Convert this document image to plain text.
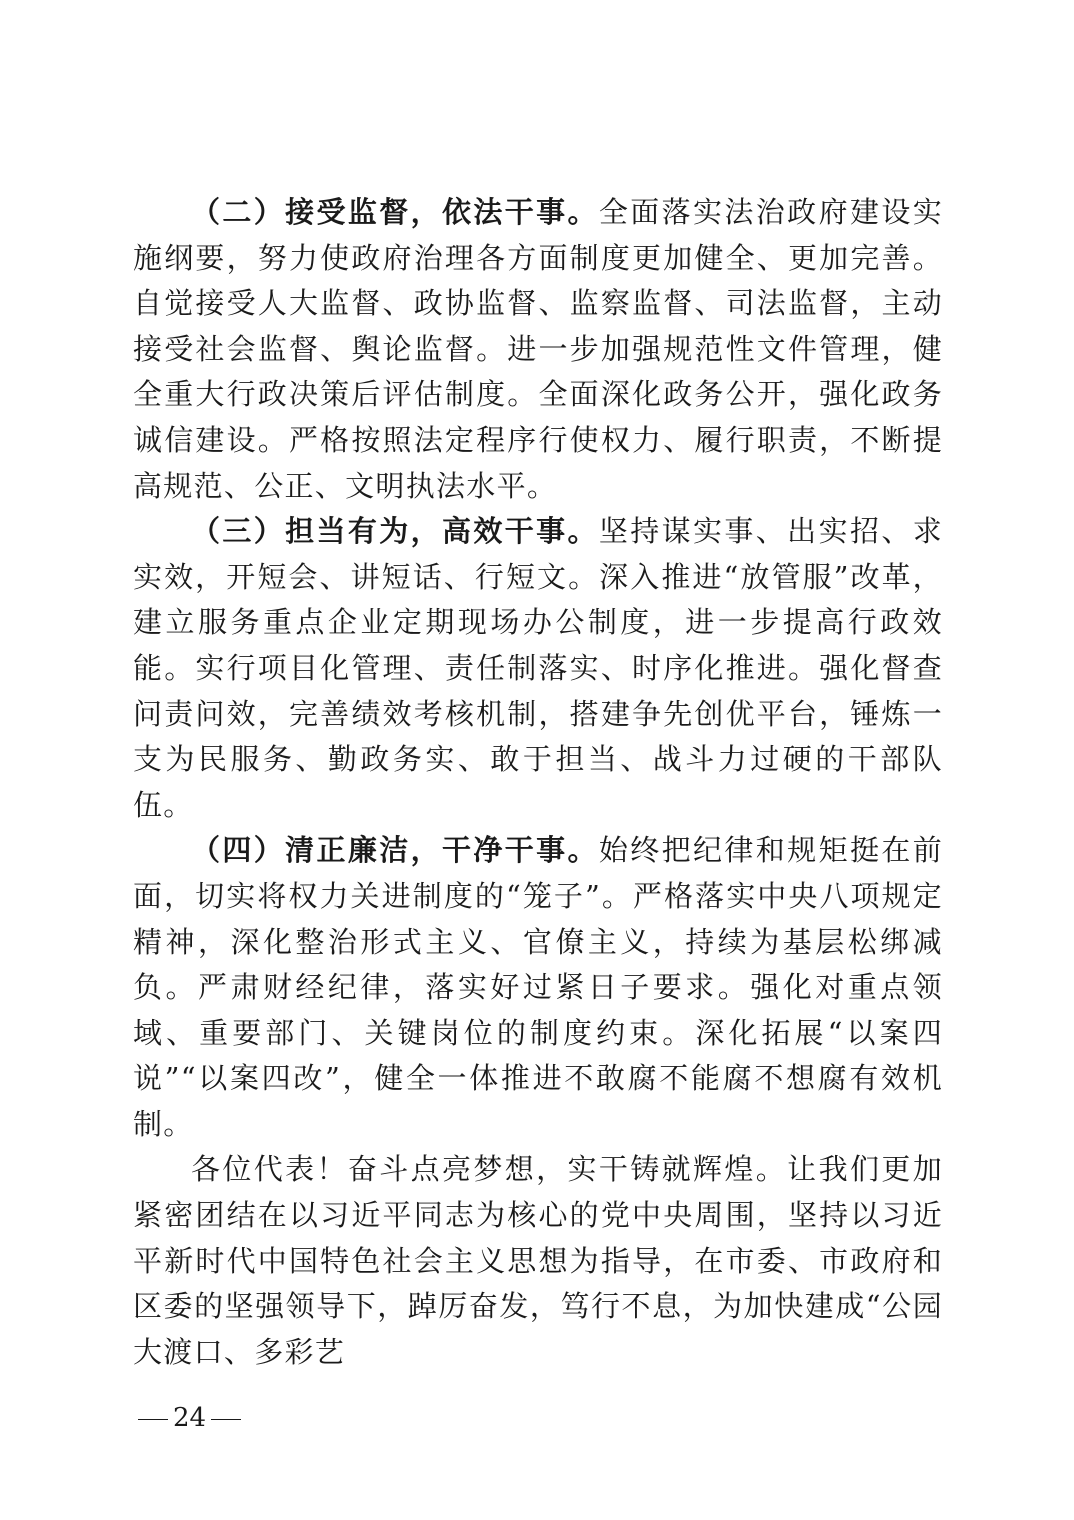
（二）接受监督，依法干事。全面落实法治政府建设实施纲要，努力使政府治理各方面制度更加健全、更加完善。自觉接受人大监督、政协监督、监察监督、司法监督，主动接受社会监督、舆论监督。进一步加强规范性文件管理，健全重大行政决策后评估制度。全面深化政务公开，强化政务诚信建设。严格按照法定程序行使权力、履行职责，不断提高规范、公正、文明执法水平。

（三）担当有为，高效干事。坚持谋实事、出实招、求实效，开短会、讲短话、行短文。深入推进“放管服”改革，建立服务重点企业定期现场办公制度，进一步提高行政效能。实行项目化管理、责任制落实、时序化推进。强化督查问责问效，完善绩效考核机制，搭建争先创优平台，锤炼一支为民服务、勤政务实、敢于担当、战斗力过硬的干部队伍。

（四）清正廉洁，干净干事。始终把纪律和规矩挺在前面，切实将权力关进制度的“笼子”。严格落实中央八项规定精神，深化整治形式主义、官僚主义，持续为基层松绑减负。严肃财经纪律，落实好过紧日子要求。强化对重点领域、重要部门、关键岗位的制度约束。深化拓展“以案四说”“以案四改”，健全一体推进不敢腐不能腐不想腐有效机制。

各位代表！奋斗点亮梦想，实干铸就辉煌。让我们更加紧密团结在以习近平同志为核心的党中央周围，坚持以习近平新时代中国特色社会主义思想为指导，在市委、市政府和区委的坚强领导下，踔厉奋发，笃行不息，为加快建成“公园大渡口、多彩艺

24
